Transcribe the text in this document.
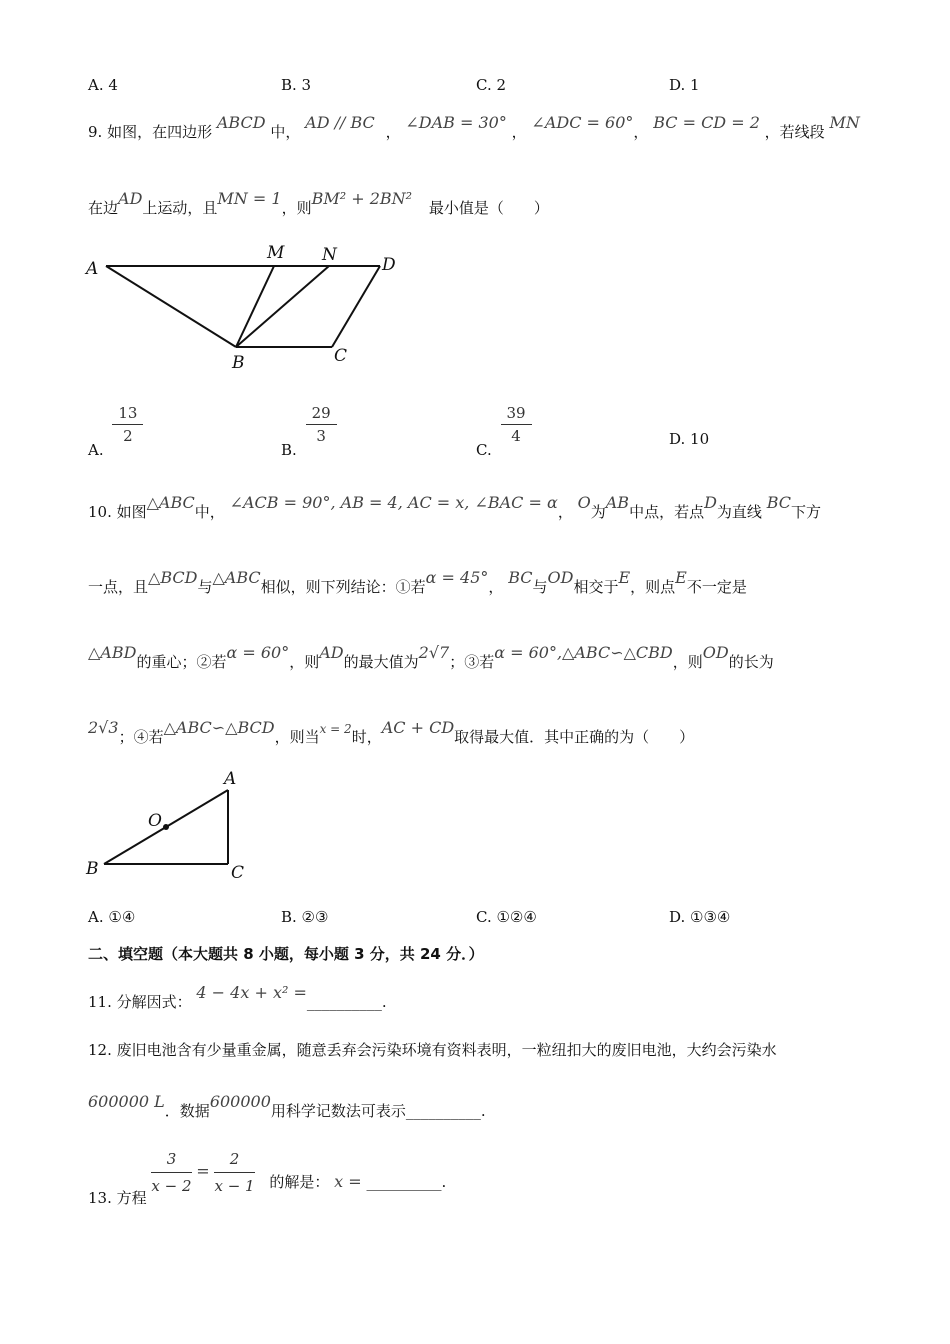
A. 4	B. 3	C. 2	D. 1
9. 如图，在四边形 ABCD 中， AD // BC ， ∠DAB = 30° ， ∠ADC = 60°， BC = CD = 2 ，若线段 MN
在边AD上运动，且MN = 1，则BM² + 2BN² 最小值是（　　）
A
M N	D
B	C
A.
$\frac{13}{2}$
B.
$\frac{29}{3}$
C.
$\frac{39}{4}$	D. 10
10. 如图△ABC中， ∠ACB = 90°, AB = 4, AC = x, ∠BAC = α， O为AB中点，若点D为直线 BC下方
一点，且△BCD与△ABC相似，则下列结论：①若α = 45°， BC与OD相交于E，则点E不一定是
△ABD的重心；②若α = 60°，则AD的最大值为2√7；③若α = 60°,△ABC∽△CBD，则OD的长为
2√3；④若△ABC∽△BCD，则当$^{x = 2}$时，AC + CD取得最大值．其中正确的为（　　）
A
O
B	C
A. ①④	B. ②③	C. ①②④	D. ①③④
二、填空题（本大题共 8 小题，每小题 3 分，共 24 分．）
11. 分解因式： 4 − 4x + x² =__________.
12. 废旧电池含有少量重金属，随意丢弃会污染环境有资料表明，一粒纽扣大的废旧电池，大约会污染水
600000 L．数据600000用科学记数法可表示__________.
13. 方程
$\frac{3}{x - 2} = \frac{2}{x - 1}$ 的解是： x = __________.
